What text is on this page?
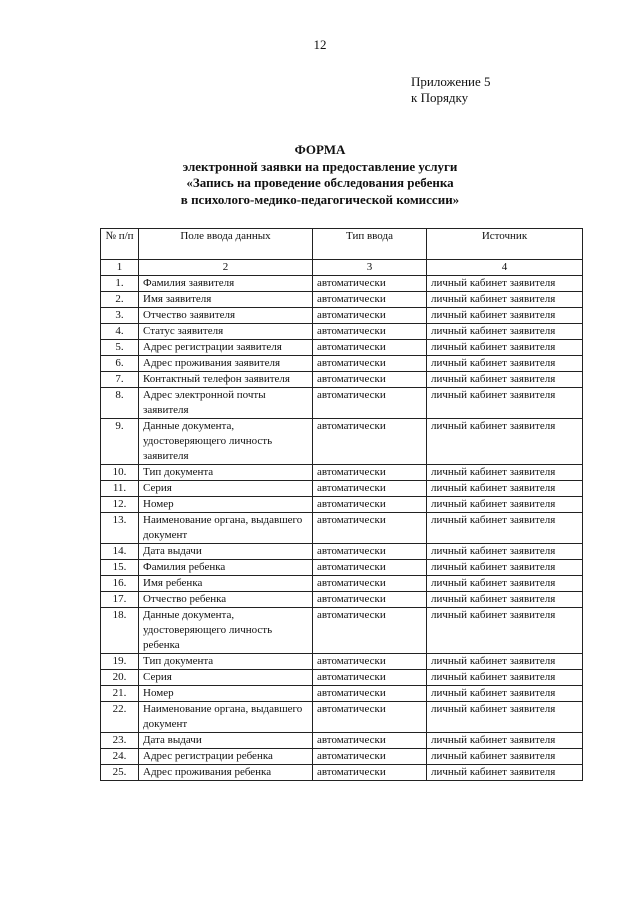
12
Приложение 5
к Порядку
ФОРМА
электронной заявки на предоставление услуги
«Запись на проведение обследования ребенка
в психолого-медико-педагогической комиссии»
№ п/п	Поле ввода данных	Тип ввода	Источник
1	2	3	4
1.	Фамилия заявителя	автоматически	личный кабинет заявителя
2.	Имя заявителя	автоматически	личный кабинет заявителя
3.	Отчество заявителя	автоматически	личный кабинет заявителя
4.	Статус заявителя	автоматически	личный кабинет заявителя
5.	Адрес регистрации заявителя	автоматически	личный кабинет заявителя
6.	Адрес проживания заявителя	автоматически	личный кабинет заявителя
7.	Контактный телефон заявителя	автоматически	личный кабинет заявителя
8.	Адрес электронной почты заявителя	автоматически	личный кабинет заявителя
9.	Данные документа, удостоверяющего личность заявителя	автоматически	личный кабинет заявителя
10.	Тип документа	автоматически	личный кабинет заявителя
11.	Серия	автоматически	личный кабинет заявителя
12.	Номер	автоматически	личный кабинет заявителя
13.	Наименование органа, выдавшего документ	автоматически	личный кабинет заявителя
14.	Дата выдачи	автоматически	личный кабинет заявителя
15.	Фамилия ребенка	автоматически	личный кабинет заявителя
16.	Имя ребенка	автоматически	личный кабинет заявителя
17.	Отчество ребенка	автоматически	личный кабинет заявителя
18.	Данные документа, удостоверяющего личность ребенка	автоматически	личный кабинет заявителя
19.	Тип документа	автоматически	личный кабинет заявителя
20.	Серия	автоматически	личный кабинет заявителя
21.	Номер	автоматически	личный кабинет заявителя
22.	Наименование органа, выдавшего документ	автоматически	личный кабинет заявителя
23.	Дата выдачи	автоматически	личный кабинет заявителя
24.	Адрес регистрации ребенка	автоматически	личный кабинет заявителя
25.	Адрес проживания ребенка	автоматически	личный кабинет заявителя
